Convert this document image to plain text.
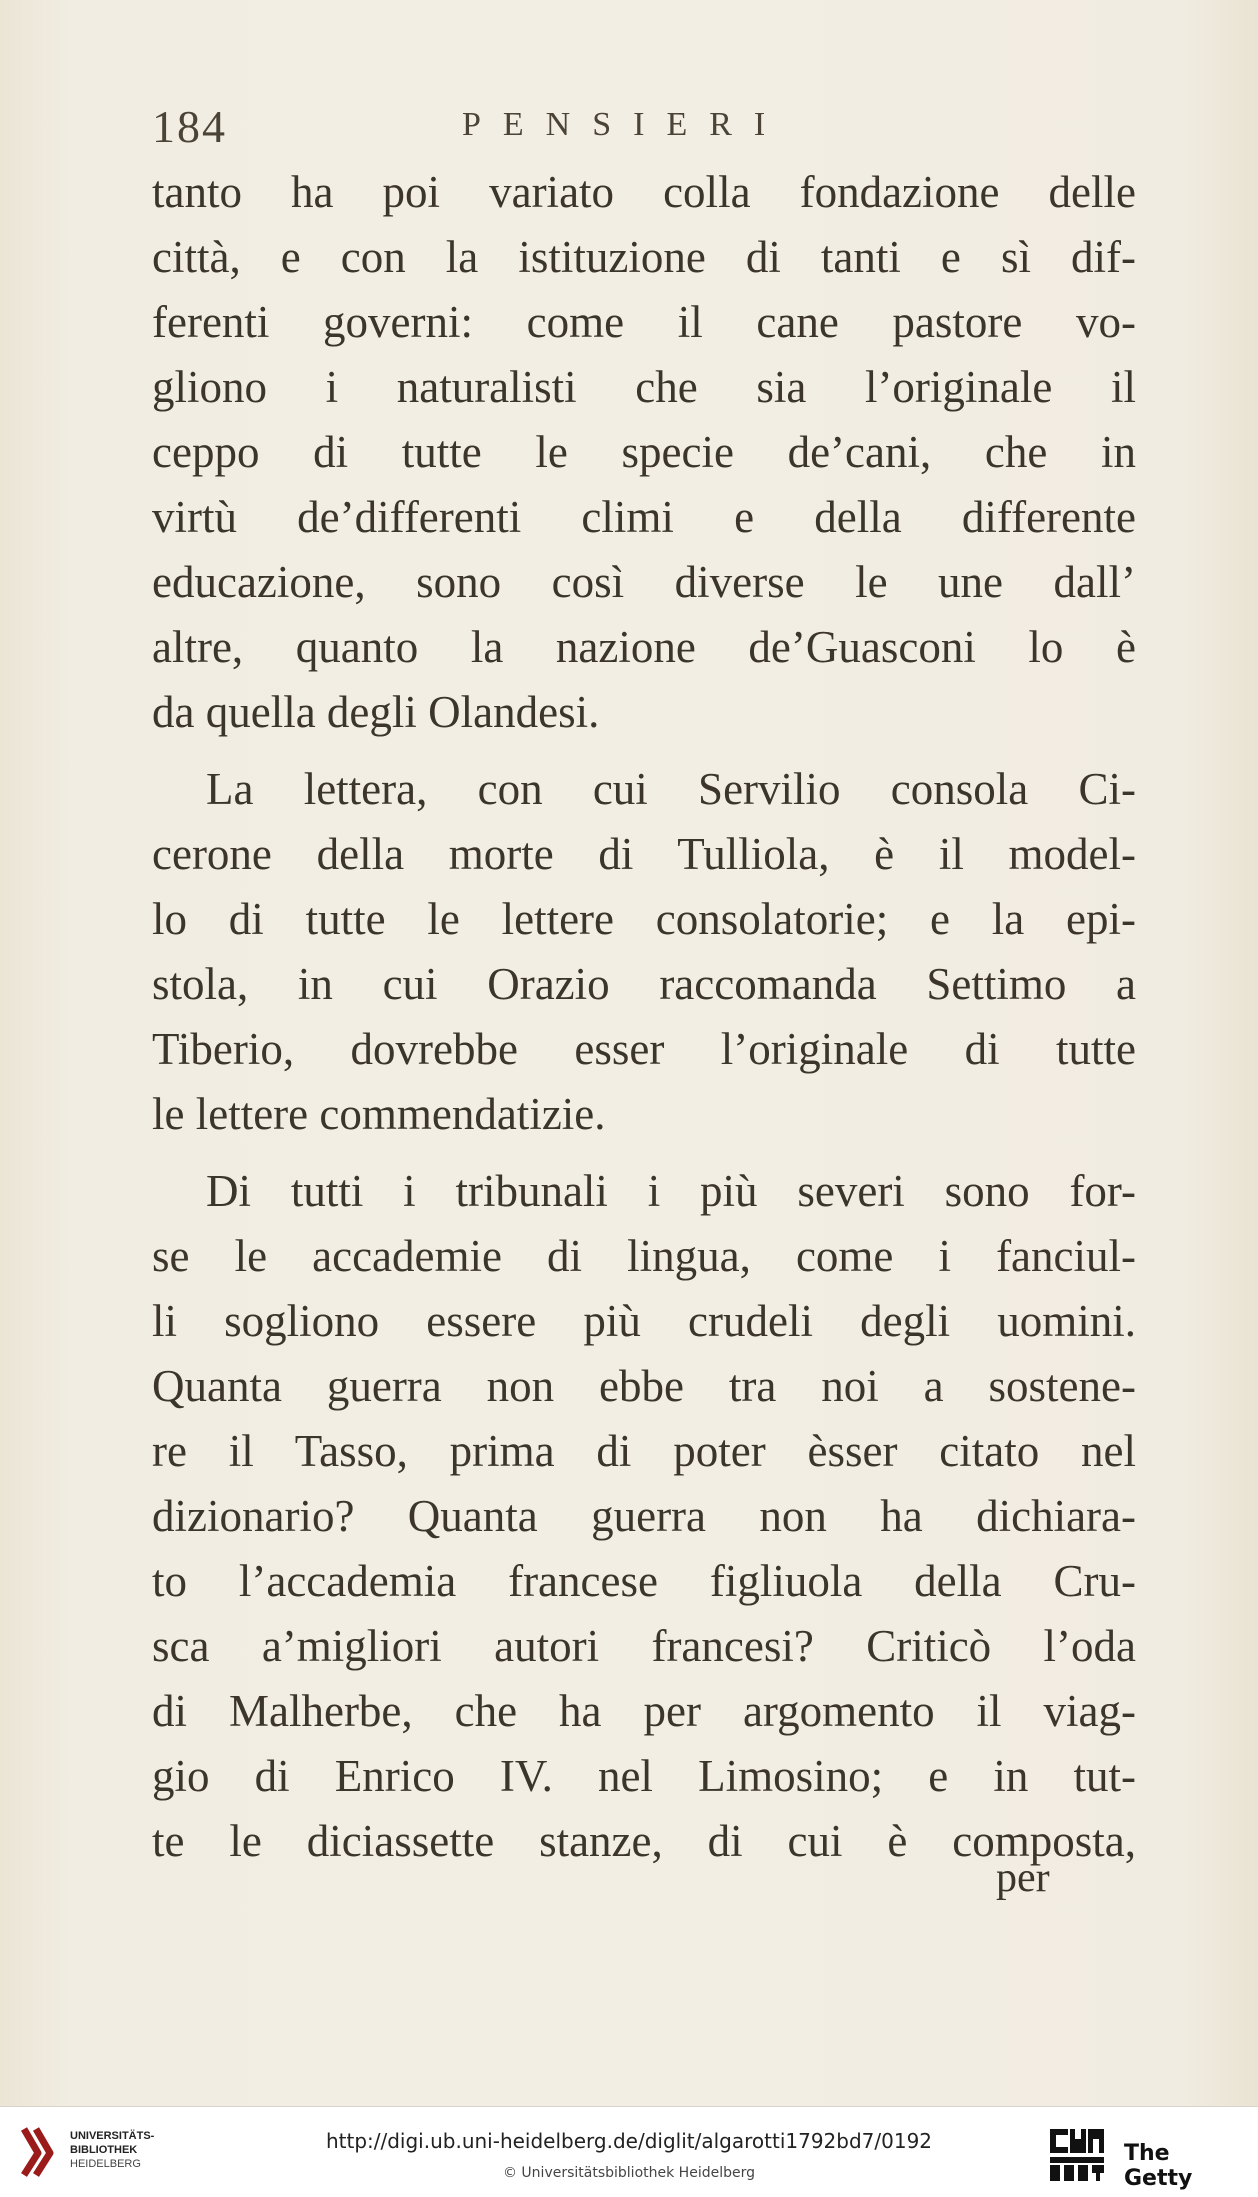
184	PENSIERI
tanto ha poi variato colla fondazione delle
città, e con la istituzione di tanti e sì dif-
ferenti governi: come il cane pastore vo-
gliono i naturalisti che sia l’originale il
ceppo di tutte le specie de’cani, che in
virtù de’differenti climi e della differente
educazione, sono così diverse le une dall’
altre, quanto la nazione de’Guasconi lo è
da quella degli Olandesi.
La lettera, con cui Servilio consola Ci-
cerone della morte di Tulliola, è il model-
lo di tutte le lettere consolatorie; e la epi-
stola, in cui Orazio raccomanda Settimo a
Tiberio, dovrebbe esser l’originale di tutte
le lettere commendatizie.
Di tutti i tribunali i più severi sono for-
se le accademie di lingua, come i fanciul-
li sogliono essere più crudeli degli uomini.
Quanta guerra non ebbe tra noi a sostene-
re il Tasso, prima di poter èsser citato nel
dizionario? Quanta guerra non ha dichiara-
to l’accademia francese figliuola della Cru-
sca a’migliori autori francesi? Criticò l’oda
di Malherbe, che ha per argomento il viag-
gio di Enrico IV. nel Limosino; e in tut-
te le diciassette stanze, di cui è composta,
per
UNIVERSITÄTS-
BIBLIOTHEK
HEIDELBERG
http://digi.ub.uni-heidelberg.de/diglit/algarotti1792bd7/0192
© Universitätsbibliothek Heidelberg
The Getty
